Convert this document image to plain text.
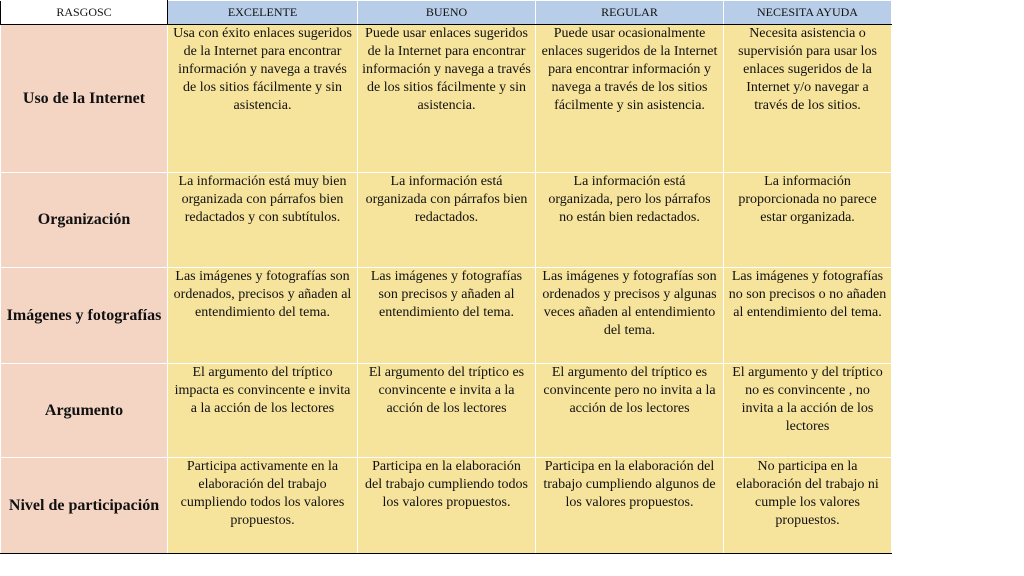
RASGOSC	EXCELENTE	BUENO	REGULAR	NECESITA AYUDA
Uso de la Internet	Usa con éxito enlaces sugeridos de la Internet para encontrar información y navega a través de los sitios fácilmente y sin asistencia.	Puede usar enlaces sugeridos de la Internet para encontrar información y navega a través de los sitios fácilmente y sin asistencia.	Puede usar ocasionalmente enlaces sugeridos de la Internet para encontrar información y navega a través de los sitios fácilmente y sin asistencia.	Necesita asistencia o supervisión para usar los enlaces sugeridos de la Internet y/o navegar a través de los sitios.
Organización	La información está muy bien organizada con párrafos bien redactados y con subtítulos.	La información está organizada con párrafos bien redactados.	La información está organizada, pero los párrafos no están bien redactados.	La información proporcionada no parece estar organizada.
Imágenes y fotografías	Las imágenes y fotografías son ordenados, precisos y añaden al entendimiento del tema.	Las imágenes y fotografías son precisos y añaden al entendimiento del tema.	Las imágenes y fotografías son ordenados y precisos y algunas veces añaden al entendimiento del tema.	Las imágenes y fotografías no son precisos o no añaden al entendimiento del tema.
Argumento	El argumento del tríptico impacta es convincente e invita a la acción de los lectores	El argumento del tríptico es convincente e invita a la acción de los lectores	El argumento del tríptico es convincente pero no invita a la acción de los lectores	El argumento y del tríptico no es convincente , no invita a la acción de los lectores
Nivel de participación	Participa activamente en la elaboración del trabajo cumpliendo todos los valores propuestos.	Participa en la elaboración del trabajo cumpliendo todos los valores propuestos.	Participa en la elaboración del trabajo cumpliendo algunos de los valores propuestos.	No participa en la elaboración del trabajo ni cumple los valores propuestos.
